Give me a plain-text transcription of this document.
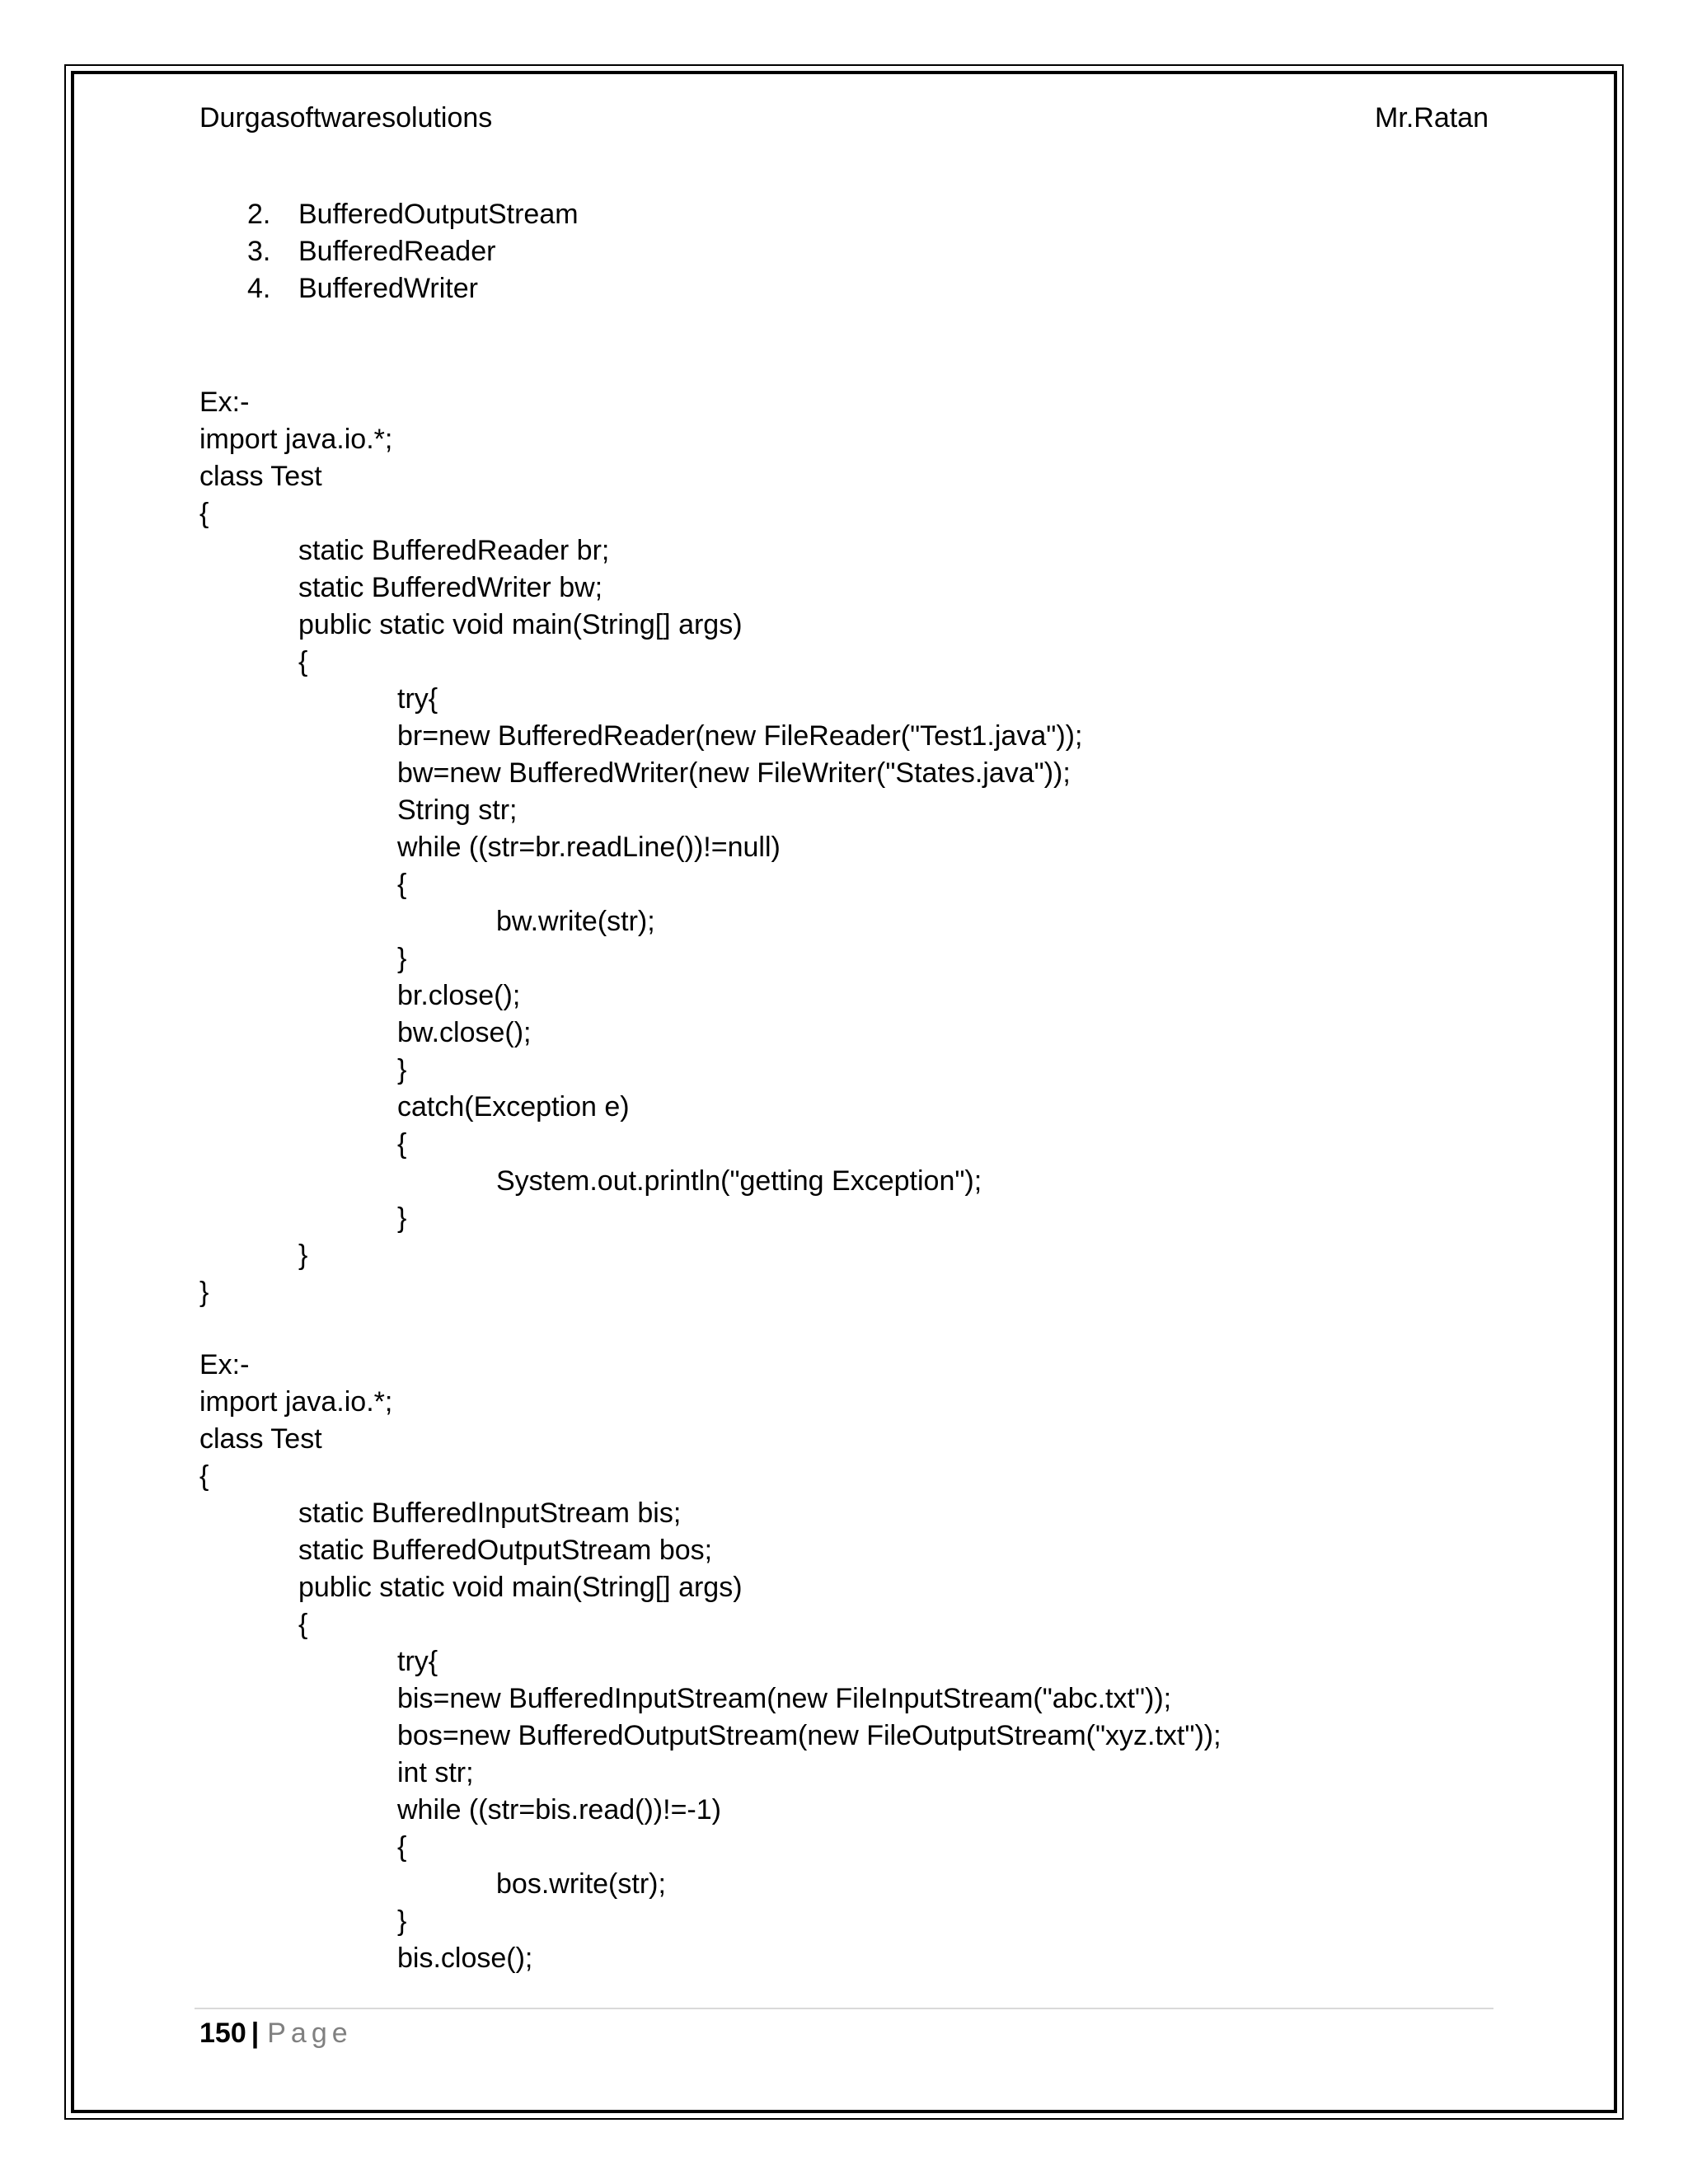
Durgasoftwaresolutions	Mr.Ratan
2. BufferedOutputStream
3. BufferedReader
4. BufferedWriter
Ex:-
import java.io.*;
class Test
{
static BufferedReader br;
static BufferedWriter bw;
public static void main(String[] args)
{
try{
br=new BufferedReader(new FileReader("Test1.java"));
bw=new BufferedWriter(new FileWriter("States.java"));
String str;
while ((str=br.readLine())!=null)
{
bw.write(str);
}
br.close();
bw.close();
}
catch(Exception e)
{
System.out.println("getting Exception");
}
}
}
Ex:-
import java.io.*;
class Test
{
static BufferedInputStream bis;
static BufferedOutputStream bos;
public static void main(String[] args)
{
try{
bis=new BufferedInputStream(new FileInputStream("abc.txt"));
bos=new BufferedOutputStream(new FileOutputStream("xyz.txt"));
int str;
while ((str=bis.read())!=-1)
{
bos.write(str);
}
bis.close();
150 | Page
